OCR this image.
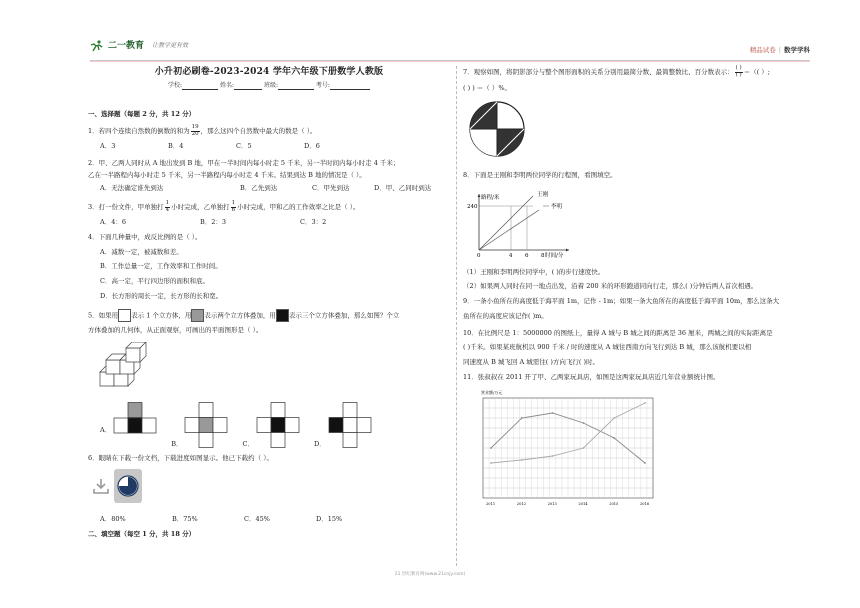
二一教育 让教学更有效
精品试卷 | 数学学科
小升初必刷卷-2023-2024 学年六年级下册数学人教版
学校:	姓名:	班级:	考号:
一、选择题（每题 2 分，共 12 分）
1．若四个连续自然数的倒数的和为 $\frac{19}{20}$ ，那么这四个自然数中最大的数是（ ）。
A．3	B．4	C．5	D．6
2．甲、乙两人同时从 A 地出发到 B 地，甲在一半时间内每小时走 5 千米，另一半时间内每小时走 4 千米；
乙在一半路程内每小时走 5 千米，另一半路程内每小时走 4 千米。结果到达 B 地的情况是（ ）。
A．无法确定谁先到达	B．乙先到达	C．甲先到达	D．甲、乙同时到达
3．打一份文件，甲单独打 $\frac{1}{4}$ 小时完成，乙单独打 $\frac{1}{6}$ 小时完成，甲和乙的工作效率之比是（ ）。
A．4：6	B．2：3	C．3：2
4．下面几种量中，成反比例的是（ ）。
A．减数一定，被减数和差。
B．工作总量一定，工作效率和工作时间。
C．高一定，平行四边形的面积和底。
D．长方形的周长一定，长方形的长和宽。
5．如果用 表示 1 个立方体，用 表示两个立方体叠加，用 表示三个立方体叠加，那么如图？个立
方体叠加的几何体，从正面观察，可画出的平面图形是（ ）。
A．
B．	C．	D．
6．眼睛在下载一份文档，下载进度如图显示。他已下载约（ ）。
A．80%	B．75%	C．45%	D．15%
二、填空题（每空 1 分，共 18 分）
7．观察如图，将阴影部分与整个图形面积的关系分别用最简分数、最简整数比、百分数表示： $\frac{( )}{( )}$ ＝（( ）;
( ) ) ＝（ ）%。
8．下面是王刚和李明两位同学的行程图，看图填空。
路程/米
240
0	4 6 8 时间/分
王刚
李明
（1）王刚和李明两位同学中，( )的步行速度快。
（2）如果两人同时在同一地点出发，沿着 200 米的环形跑道同向行走，那么( )分钟后两人首次相遇。
9．一条小鱼所在的高度低于海平面 1m，记作 - 1m；如果一条大鱼所在的高度低于海平面 10m，那么这条大
鱼所在的高度应该记作( )m。
10．在比例尺是 1：5000000 的图纸上，量得 A 城与 B 城之间的距离是 36 厘米，两城之间的实际距离是
( )千米。如果某班航机以 900 千米 / 时的速度从 A 城往西南方向飞行到达 B 城，那么该航机要以相
同速度从 B 城飞回 A 城需往( )方向飞行( )时。
11．张叔叔在 2011 开了甲、乙两家玩具店，如图是这两家玩具店近几年营业额统计图。
营业额/万元
2011	2012	2013	2014	2015	2016
21 世纪教育网(www.21cnjy.com)
